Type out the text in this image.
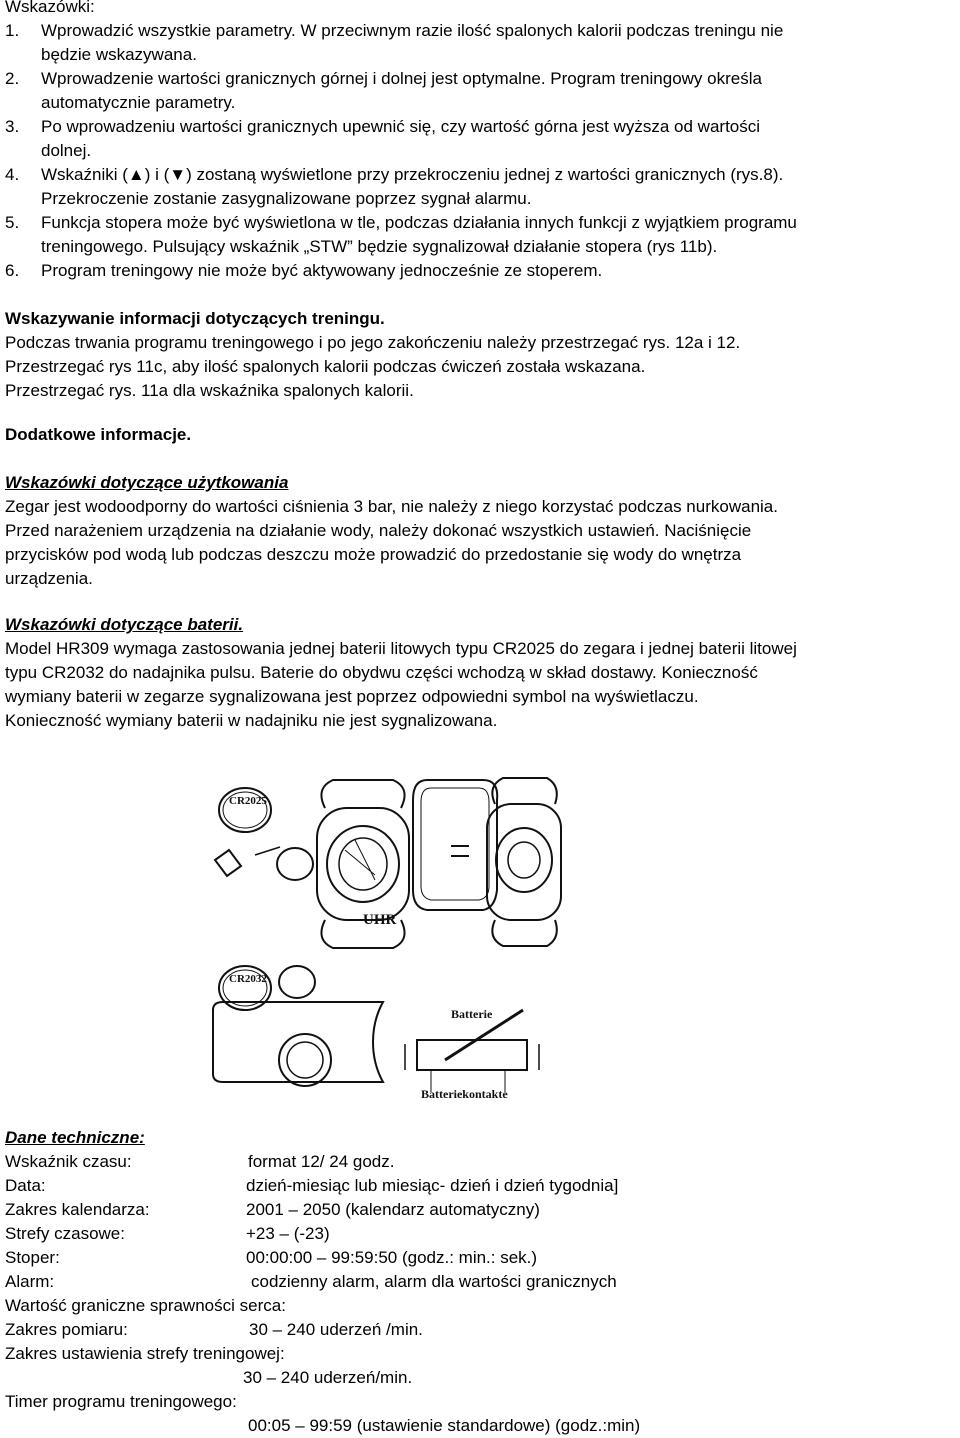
Wskazówki:
1. Wprowadzić wszystkie parametry. W przeciwnym razie ilość spalonych kalorii podczas treningu nie
będzie wskazywana.
2. Wprowadzenie wartości granicznych górnej i dolnej jest optymalne. Program treningowy określa
automatycznie parametry.
3. Po wprowadzeniu wartości granicznych upewnić się, czy wartość górna jest wyższa od wartości
dolnej.
4. Wskaźniki (▲) i (▼) zostaną wyświetlone przy przekroczeniu jednej z wartości granicznych (rys.8).
Przekroczenie zostanie zasygnalizowane poprzez sygnał alarmu.
5. Funkcja stopera może być wyświetlona w tle, podczas działania innych funkcji z wyjątkiem programu
treningowego. Pulsujący wskaźnik „STW” będzie sygnalizował działanie stopera (rys 11b).
6. Program treningowy nie może być aktywowany jednocześnie ze stoperem.
Wskazywanie informacji dotyczących treningu.
Podczas trwania programu treningowego i po jego zakończeniu należy przestrzegać rys. 12a i 12.
Przestrzegać rys 11c, aby ilość spalonych kalorii podczas ćwiczeń została wskazana.
Przestrzegać rys. 11a dla wskaźnika spalonych kalorii.
Dodatkowe informacje.
Wskazówki dotyczące użytkowania
Zegar jest wodoodporny do wartości ciśnienia 3 bar, nie należy z niego korzystać podczas nurkowania.
Przed narażeniem urządzenia na działanie wody, należy dokonać wszystkich ustawień. Naciśnięcie
przycisków pod wodą lub podczas deszczu może prowadzić do przedostanie się wody do wnętrza
urządzenia.
Wskazówki dotyczące baterii.
Model HR309 wymaga zastosowania jednej baterii litowych typu CR2025 do zegara i jednej baterii litowej
typu CR2032 do nadajnika pulsu. Baterie do obydwu części wchodzą w skład dostawy. Konieczność
wymiany baterii w zegarze sygnalizowana jest poprzez odpowiedni symbol na wyświetlaczu.
Konieczność wymiany baterii w nadajniku nie jest sygnalizowana.
CR2025
CR2032
UHR
Batterie
Batteriekontakte
Dane techniczne:
Wskaźnik czasu:	format 12/ 24 godz.
Data:	dzień-miesiąc lub miesiąc- dzień i dzień tygodnia]
Zakres kalendarza:	2001 – 2050 (kalendarz automatyczny)
Strefy czasowe:	+23 – (-23)
Stoper:	00:00:00 – 99:59:50 (godz.: min.: sek.)
Alarm:	codzienny alarm, alarm dla wartości granicznych
Wartość graniczne sprawności serca:
Zakres pomiaru:	30 – 240 uderzeń /min.
Zakres ustawienia strefy treningowej:
30 – 240 uderzeń/min.
Timer programu treningowego:
00:05 – 99:59 (ustawienie standardowe) (godz.:min)
